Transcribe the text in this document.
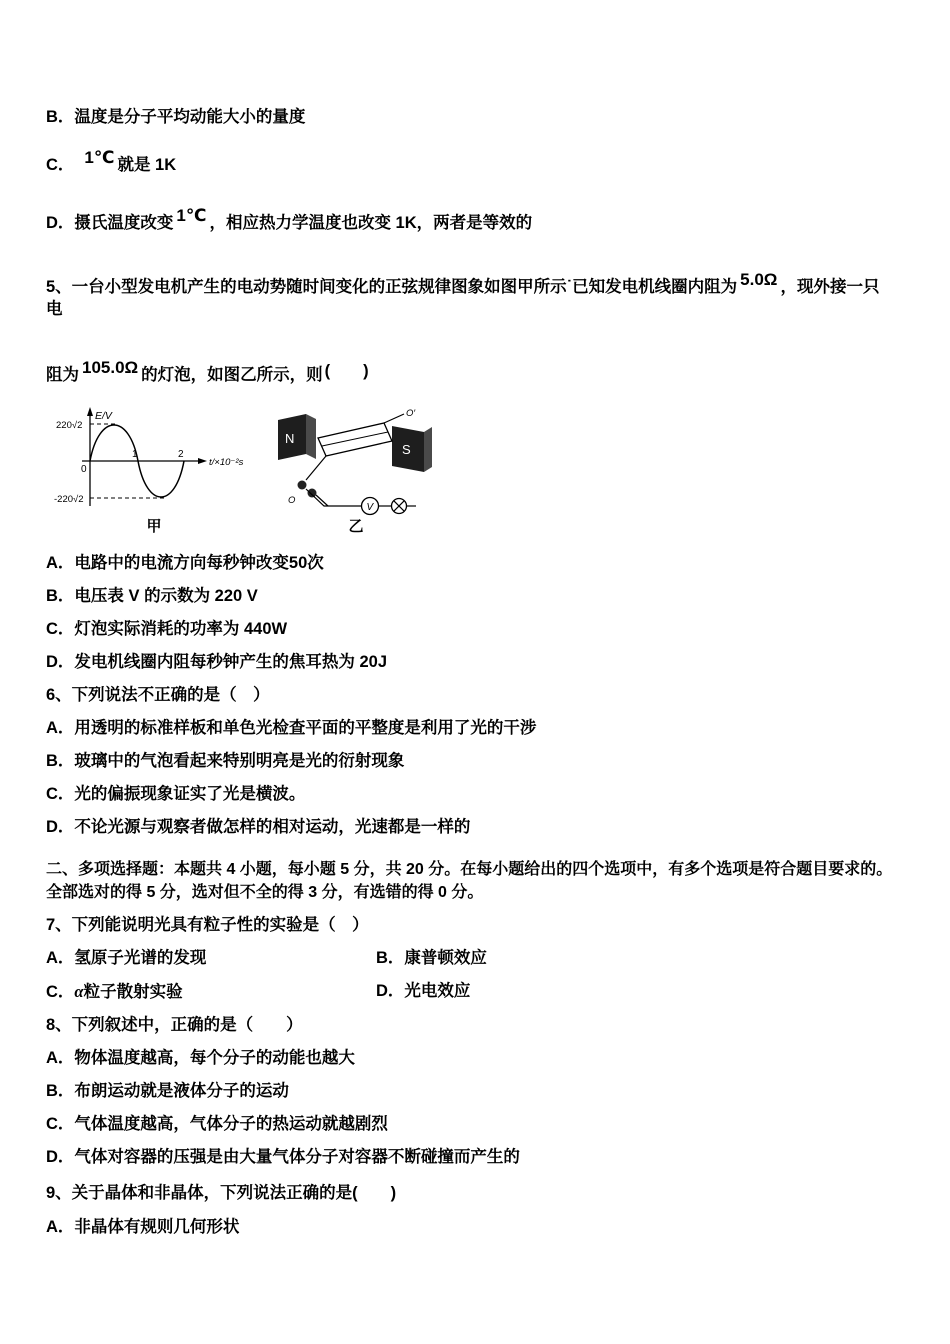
B．温度是分子平均动能大小的量度

C． 1℃ 就是 1K

D．摄氏温度改变 1℃ ，相应热力学温度也改变 1K，两者是等效的

5、一台小型发电机产生的电动势随时间变化的正弦规律图象如图甲所示˙已知发电机线圈内阻为 5.0Ω ，现外接一只电

阻为 105.0Ω 的灯泡，如图乙所示，则 (　　)

E/V
220√2
-220√2
0
1	2
t/×10⁻²s
甲
N
S
O′
O
V
乙

A．电路中的电流方向每秒钟改变50次

B．电压表 V 的示数为 220 V

C．灯泡实际消耗的功率为 440W

D．发电机线圈内阻每秒钟产生的焦耳热为 20J

6、下列说法不正确的是（　）

A．用透明的标准样板和单色光检查平面的平整度是利用了光的干涉

B．玻璃中的气泡看起来特别明亮是光的衍射现象

C．光的偏振现象证实了光是横波。

D．不论光源与观察者做怎样的相对运动，光速都是一样的

二、多项选择题：本题共 4 小题，每小题 5 分，共 20 分。在每小题给出的四个选项中，有多个选项是符合题目要求的。

全部选对的得 5 分，选对但不全的得 3 分，有选错的得 0 分。

7、下列能说明光具有粒子性的实验是（　）

A．氢原子光谱的发现	B．康普顿效应
C．α粒子散射实验	D．光电效应

8、下列叙述中，正确的是（　　）

A．物体温度越高，每个分子的动能也越大

B．布朗运动就是液体分子的运动

C．气体温度越高，气体分子的热运动就越剧烈

D．气体对容器的压强是由大量气体分子对容器不断碰撞而产生的

9、关于晶体和非晶体，下列说法正确的是(　　)

A．非晶体有规则几何形状
